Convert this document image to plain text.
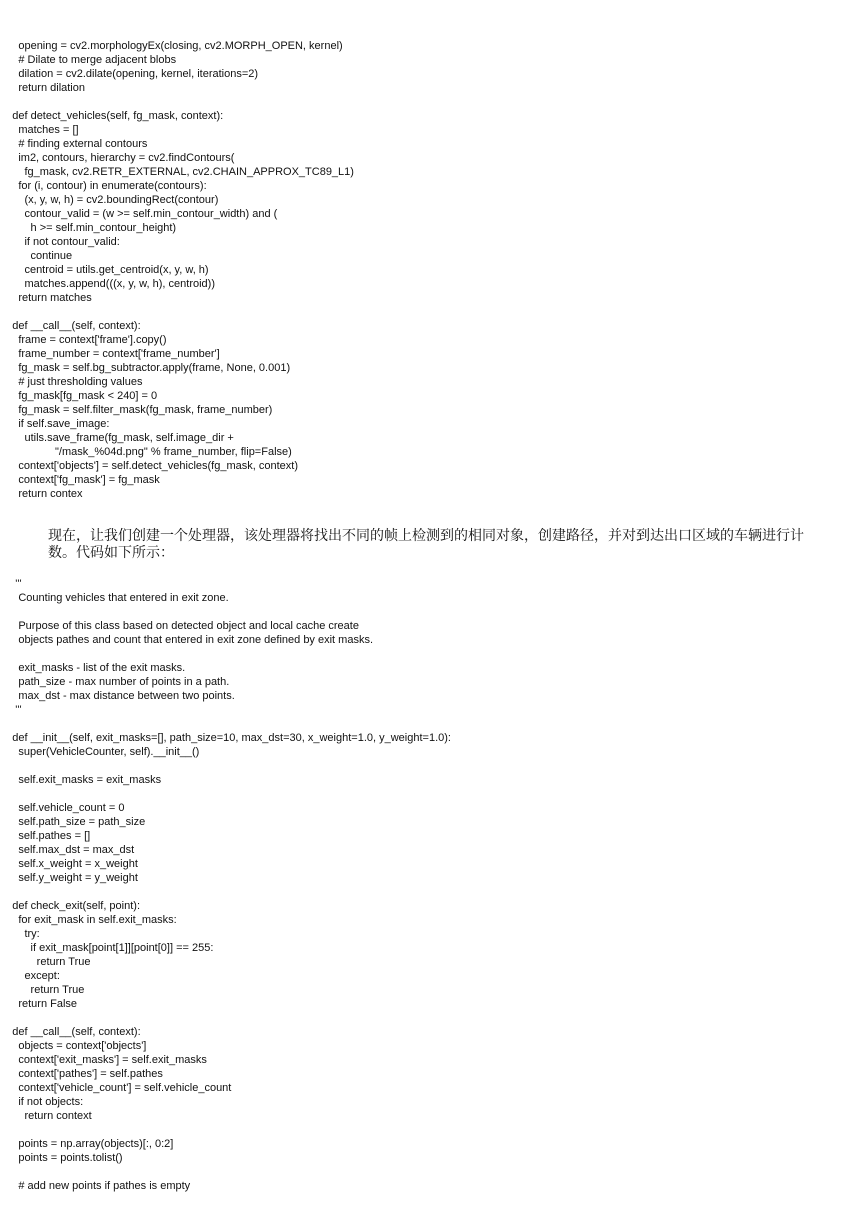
opening = cv2.morphologyEx(closing, cv2.MORPH_OPEN, kernel)
# Dilate to merge adjacent blobs
dilation = cv2.dilate(opening, kernel, iterations=2)
return dilation
def detect_vehicles(self, fg_mask, context):
matches = []
# finding external contours
im2, contours, hierarchy = cv2.findContours(
fg_mask, cv2.RETR_EXTERNAL, cv2.CHAIN_APPROX_TC89_L1)
for (i, contour) in enumerate(contours):
(x, y, w, h) = cv2.boundingRect(contour)
contour_valid = (w >= self.min_contour_width) and (
h >= self.min_contour_height)
if not contour_valid:
continue
centroid = utils.get_centroid(x, y, w, h)
matches.append(((x, y, w, h), centroid))
return matches
def __call__(self, context):
frame = context['frame'].copy()
frame_number = context['frame_number']
fg_mask = self.bg_subtractor.apply(frame, None, 0.001)
# just thresholding values
fg_mask[fg_mask < 240] = 0
fg_mask = self.filter_mask(fg_mask, frame_number)
if self.save_image:
utils.save_frame(fg_mask, self.image_dir +
"/mask_%04d.png" % frame_number, flip=False)
context['objects'] = self.detect_vehicles(fg_mask, context)
context['fg_mask'] = fg_mask
return contex

现在，让我们创建一个处理器，该处理器将找出不同的帧上检测到的相同对象，创建路径，并对到达出口区域的车辆进行计数。代码如下所示：

'''
Counting vehicles that entered in exit zone.
Purpose of this class based on detected object and local cache create
objects pathes and count that entered in exit zone defined by exit masks.
exit_masks - list of the exit masks.
path_size - max number of points in a path.
max_dst - max distance between two points.
'''
def __init__(self, exit_masks=[], path_size=10, max_dst=30, x_weight=1.0, y_weight=1.0):
super(VehicleCounter, self).__init__()
self.exit_masks = exit_masks
self.vehicle_count = 0
self.path_size = path_size
self.pathes = []
self.max_dst = max_dst
self.x_weight = x_weight
self.y_weight = y_weight
def check_exit(self, point):
for exit_mask in self.exit_masks:
try:
if exit_mask[point[1]][point[0]] == 255:
return True
except:
return True
return False
def __call__(self, context):
objects = context['objects']
context['exit_masks'] = self.exit_masks
context['pathes'] = self.pathes
context['vehicle_count'] = self.vehicle_count
if not objects:
return context
points = np.array(objects)[:, 0:2]
points = points.tolist()
# add new points if pathes is empty
